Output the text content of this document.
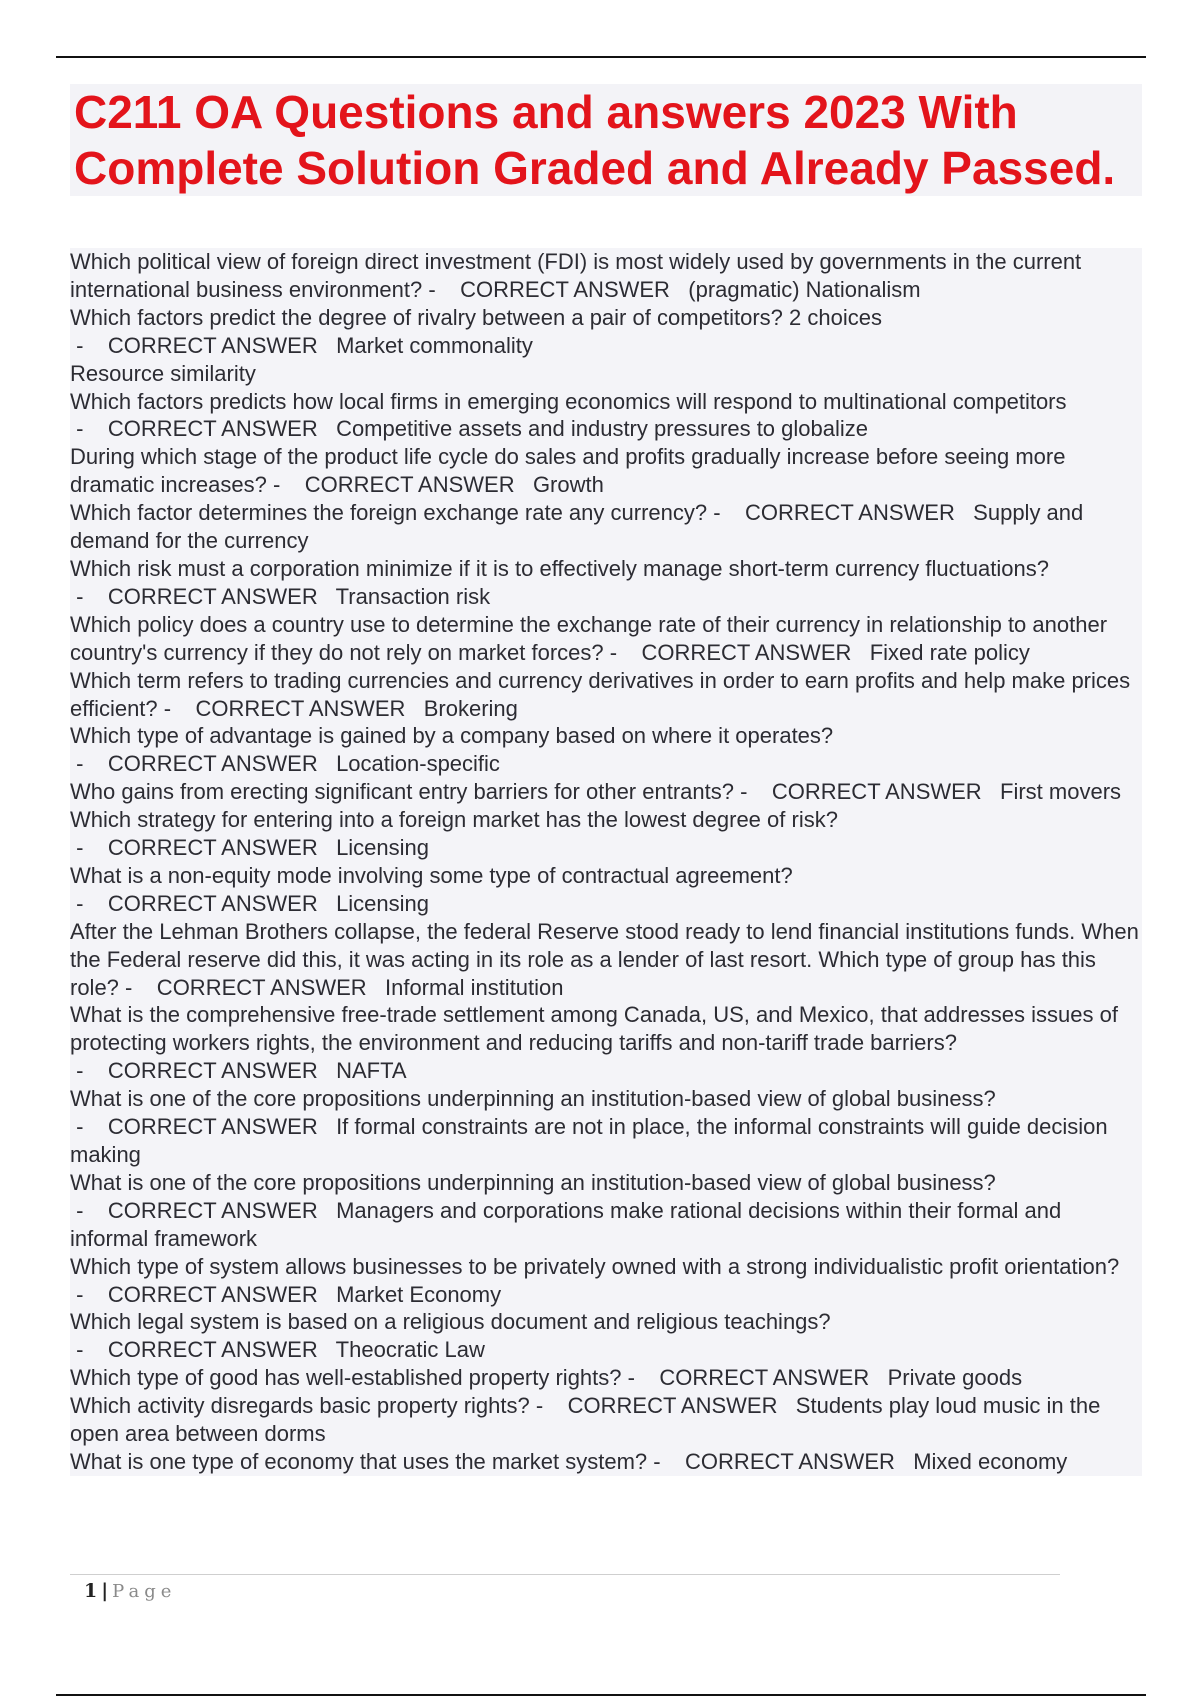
C211 OA Questions and answers 2023 With Complete Solution Graded and Already Passed.

Which political view of foreign direct investment (FDI) is most widely used by governments in the current international business environment? -    CORRECT ANSWER   (pragmatic) Nationalism

Which factors predict the degree of rivalry between a pair of competitors? 2 choices -    CORRECT ANSWER   Market commonality
Resource similarity

Which factors predicts how local firms in emerging economics will respond to multinational competitors -    CORRECT ANSWER   Competitive assets and industry pressures to globalize

During which stage of the product life cycle do sales and profits gradually increase before seeing more dramatic increases? -    CORRECT ANSWER   Growth

Which factor determines the foreign exchange rate any currency? -    CORRECT ANSWER   Supply and demand for the currency

Which risk must a corporation minimize if it is to effectively manage short-term currency fluctuations? -    CORRECT ANSWER   Transaction risk

Which policy does a country use to determine the exchange rate of their currency in relationship to another country's currency if they do not rely on market forces? -    CORRECT ANSWER   Fixed rate policy

Which term refers to trading currencies and currency derivatives in order to earn profits and help make prices efficient? -    CORRECT ANSWER   Brokering

Which type of advantage is gained by a company based on where it operates? -    CORRECT ANSWER   Location-specific

Who gains from erecting significant entry barriers for other entrants? -    CORRECT ANSWER   First movers

Which strategy for entering into a foreign market has the lowest degree of risk? -    CORRECT ANSWER   Licensing

What is a non-equity mode involving some type of contractual agreement? -    CORRECT ANSWER   Licensing

After the Lehman Brothers collapse, the federal Reserve stood ready to lend financial institutions funds. When the Federal reserve did this, it was acting in its role as a lender of last resort. Which type of group has this role? -    CORRECT ANSWER   Informal institution

What is the comprehensive free-trade settlement among Canada, US, and Mexico, that addresses issues of protecting workers rights, the environment and reducing tariffs and non-tariff trade barriers? -    CORRECT ANSWER   NAFTA

What is one of the core propositions underpinning an institution-based view of global business? -    CORRECT ANSWER   If formal constraints are not in place, the informal constraints will guide decision making

What is one of the core propositions underpinning an institution-based view of global business? -    CORRECT ANSWER   Managers and corporations make rational decisions within their formal and informal framework

Which type of system allows businesses to be privately owned with a strong individualistic profit orientation? -    CORRECT ANSWER   Market Economy

Which legal system is based on a religious document and religious teachings? -    CORRECT ANSWER   Theocratic Law

Which type of good has well-established property rights? -    CORRECT ANSWER   Private goods

Which activity disregards basic property rights? -    CORRECT ANSWER   Students play loud music in the open area between dorms

What is one type of economy that uses the market system? -    CORRECT ANSWER   Mixed economy

1 | Page
